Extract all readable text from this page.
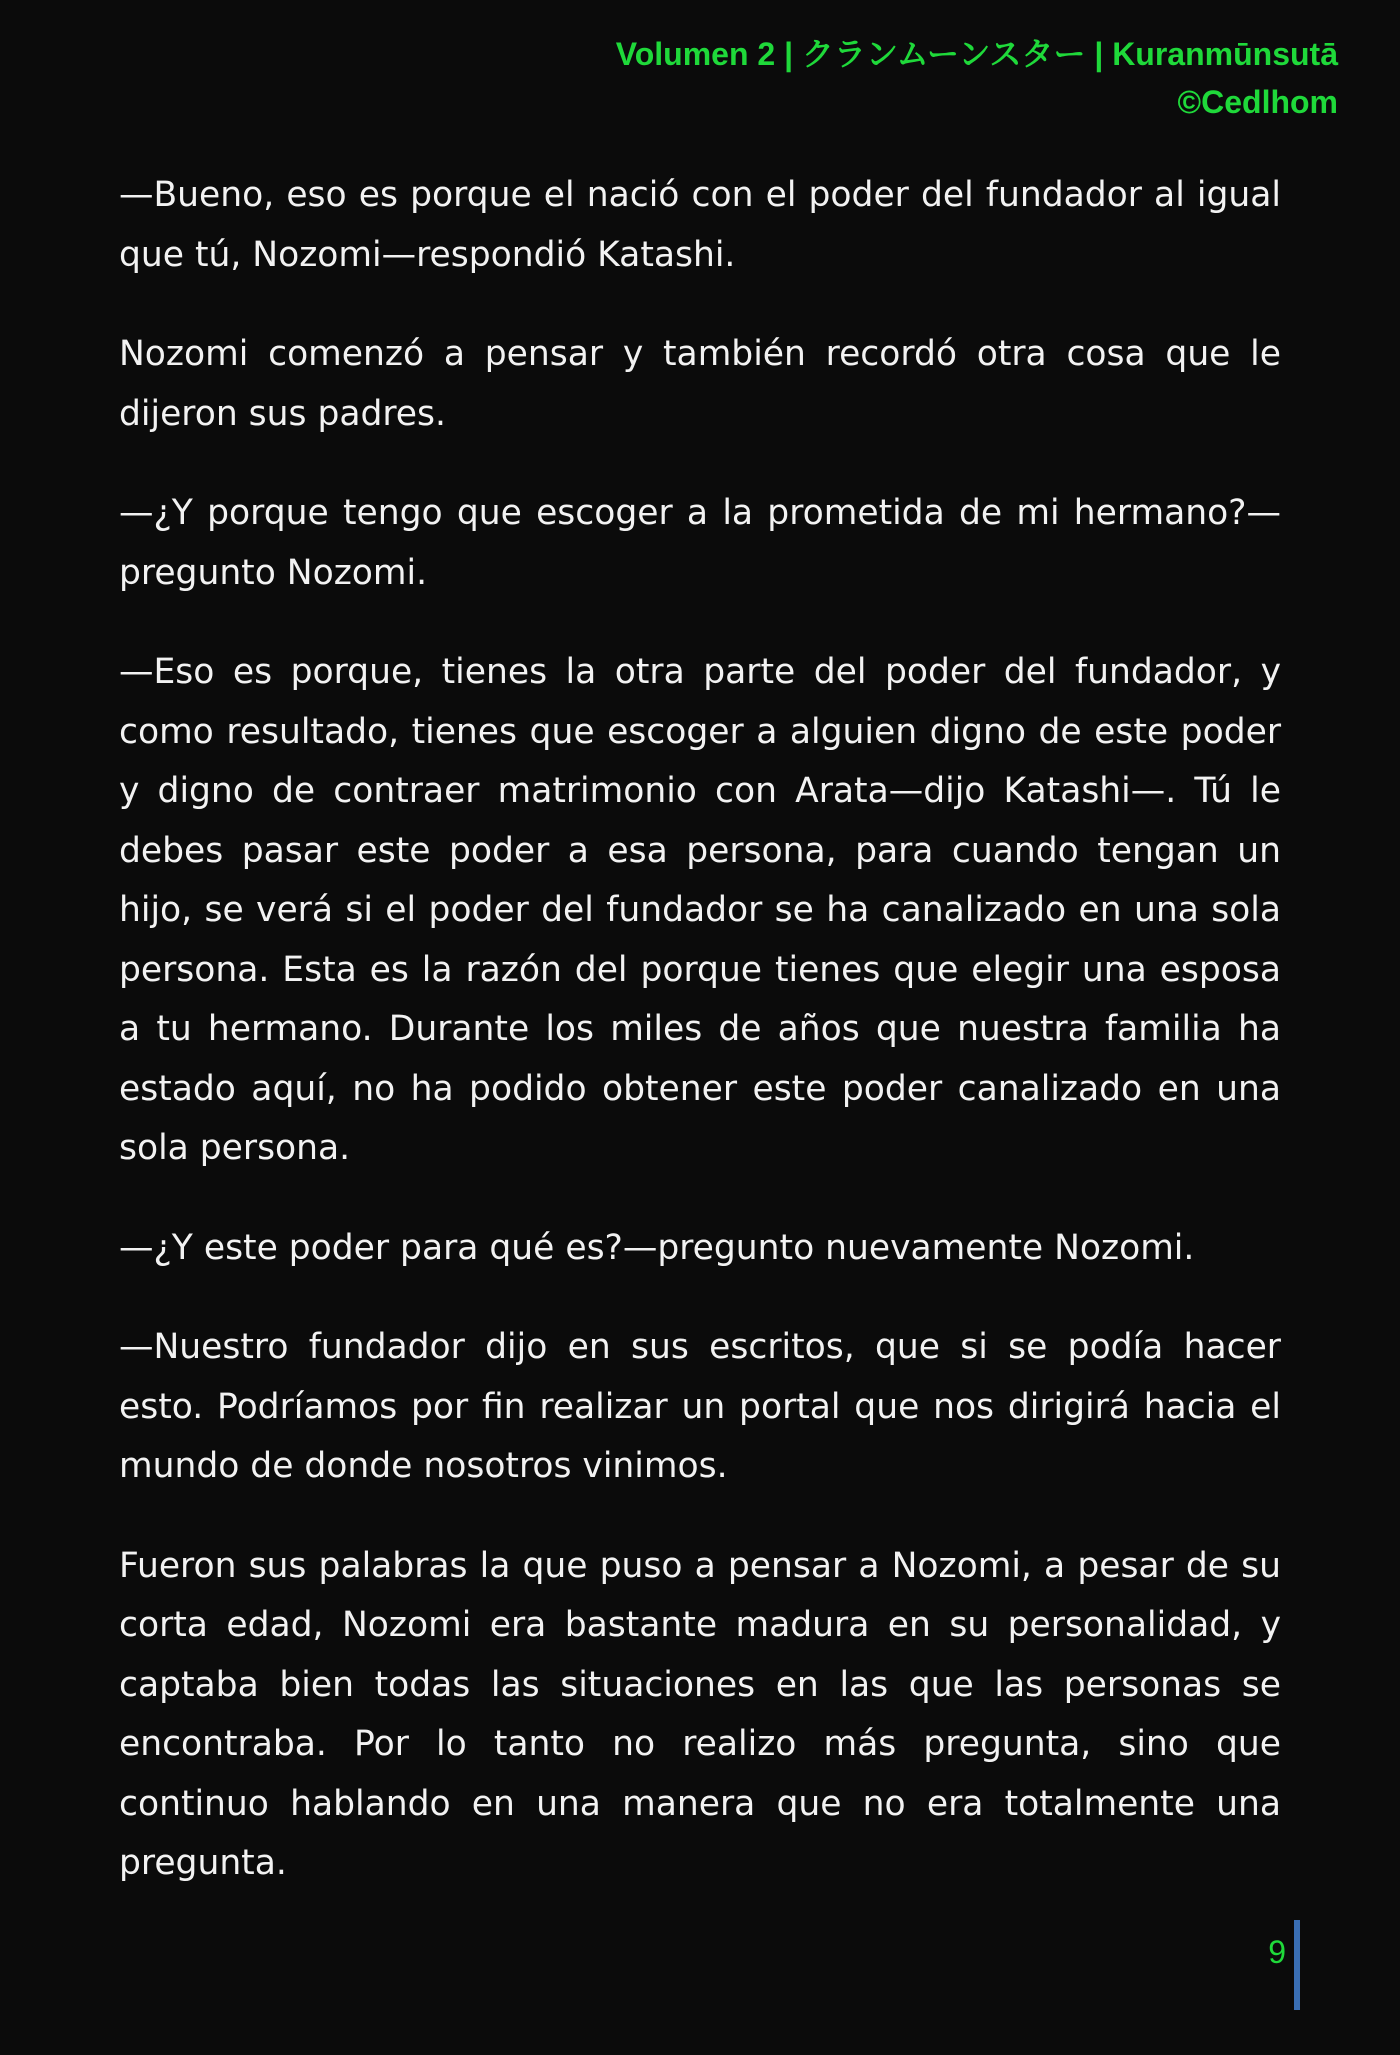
Volumen 2 | クランムーンスター | Kuranmūnsutā
©Cedlhom

—Bueno, eso es porque el nació con el poder del fundador al igual que tú, Nozomi—respondió Katashi.

Nozomi comenzó a pensar y también recordó otra cosa que le dijeron sus padres.

—¿Y porque tengo que escoger a la prometida de mi hermano?— pregunto Nozomi.

—Eso es porque, tienes la otra parte del poder del fundador, y como resultado, tienes que escoger a alguien digno de este poder y digno de contraer matrimonio con Arata—dijo Katashi—. Tú le debes pasar este poder a esa persona, para cuando tengan un hijo, se verá si el poder del fundador se ha canalizado en una sola persona. Esta es la razón del porque tienes que elegir una esposa a tu hermano. Durante los miles de años que nuestra familia ha estado aquí, no ha podido obtener este poder canalizado en una sola persona.

—¿Y este poder para qué es?—pregunto nuevamente Nozomi.

—Nuestro fundador dijo en sus escritos, que si se podía hacer esto. Podríamos por fin realizar un portal que nos dirigirá hacia el mundo de donde nosotros vinimos.

Fueron sus palabras la que puso a pensar a Nozomi, a pesar de su corta edad, Nozomi era bastante madura en su personalidad, y captaba bien todas las situaciones en las que las personas se encontraba. Por lo tanto no realizo más pregunta, sino que continuo hablando en una manera que no era totalmente una pregunta.

9
